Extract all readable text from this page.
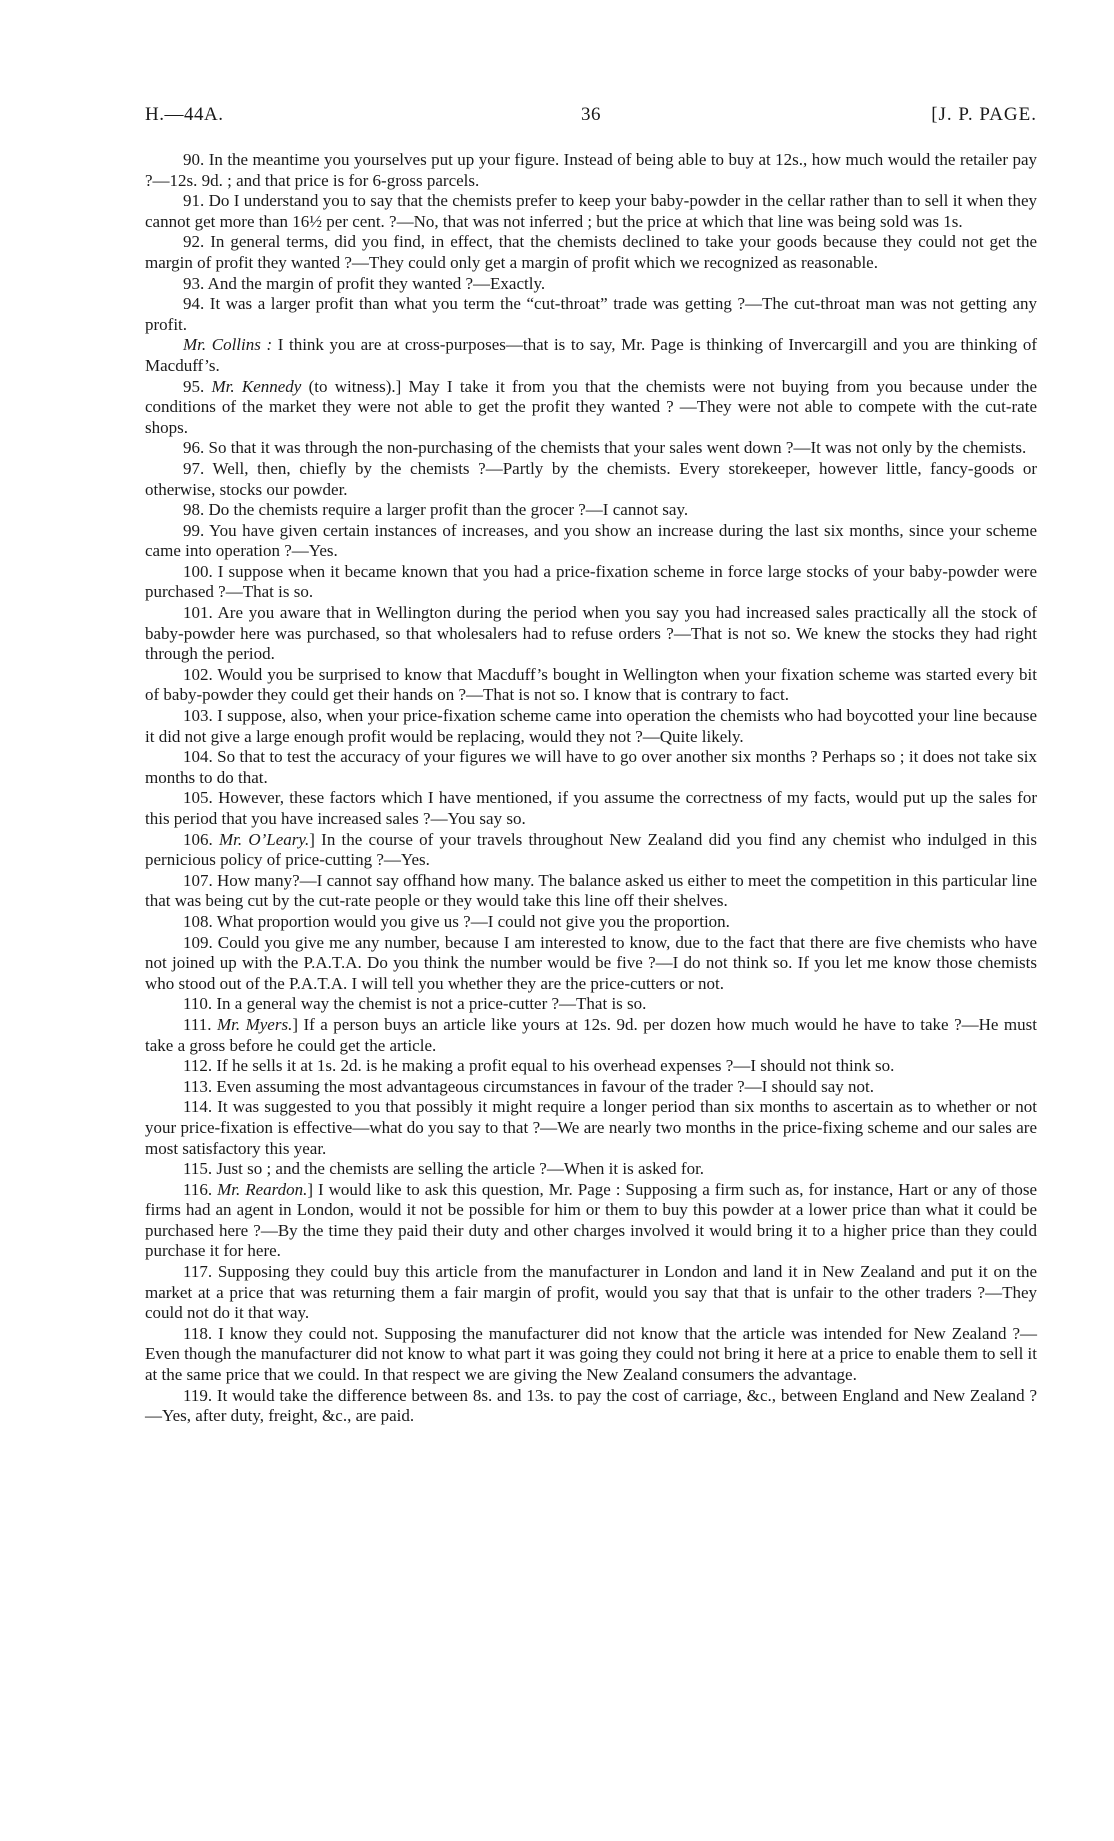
H.—44A.	36	[J. P. PAGE.

90. In the meantime you yourselves put up your figure. Instead of being able to buy at 12s., how much would the retailer pay ?—12s. 9d. ; and that price is for 6-gross parcels.

91. Do I understand you to say that the chemists prefer to keep your baby-powder in the cellar rather than to sell it when they cannot get more than 16½ per cent. ?—No, that was not inferred ; but the price at which that line was being sold was 1s.

92. In general terms, did you find, in effect, that the chemists declined to take your goods because they could not get the margin of profit they wanted ?—They could only get a margin of profit which we recognized as reasonable.

93. And the margin of profit they wanted ?—Exactly.

94. It was a larger profit than what you term the “cut-throat” trade was getting ?—The cut-throat man was not getting any profit.

Mr. Collins : I think you are at cross-purposes—that is to say, Mr. Page is thinking of Invercargill and you are thinking of Macduff’s.

95. Mr. Kennedy (to witness).] May I take it from you that the chemists were not buying from you because under the conditions of the market they were not able to get the profit they wanted ? —They were not able to compete with the cut-rate shops.

96. So that it was through the non-purchasing of the chemists that your sales went down ?—It was not only by the chemists.

97. Well, then, chiefly by the chemists ?—Partly by the chemists. Every storekeeper, however little, fancy-goods or otherwise, stocks our powder.

98. Do the chemists require a larger profit than the grocer ?—I cannot say.

99. You have given certain instances of increases, and you show an increase during the last six months, since your scheme came into operation ?—Yes.

100. I suppose when it became known that you had a price-fixation scheme in force large stocks of your baby-powder were purchased ?—That is so.

101. Are you aware that in Wellington during the period when you say you had increased sales practically all the stock of baby-powder here was purchased, so that wholesalers had to refuse orders ?—That is not so. We knew the stocks they had right through the period.

102. Would you be surprised to know that Macduff’s bought in Wellington when your fixation scheme was started every bit of baby-powder they could get their hands on ?—That is not so. I know that is contrary to fact.

103. I suppose, also, when your price-fixation scheme came into operation the chemists who had boycotted your line because it did not give a large enough profit would be replacing, would they not ?—Quite likely.

104. So that to test the accuracy of your figures we will have to go over another six months ? Perhaps so ; it does not take six months to do that.

105. However, these factors which I have mentioned, if you assume the correctness of my facts, would put up the sales for this period that you have increased sales ?—You say so.

106. Mr. O’Leary.] In the course of your travels throughout New Zealand did you find any chemist who indulged in this pernicious policy of price-cutting ?—Yes.

107. How many?—I cannot say offhand how many. The balance asked us either to meet the competition in this particular line that was being cut by the cut-rate people or they would take this line off their shelves.

108. What proportion would you give us ?—I could not give you the proportion.

109. Could you give me any number, because I am interested to know, due to the fact that there are five chemists who have not joined up with the P.A.T.A. Do you think the number would be five ?—I do not think so. If you let me know those chemists who stood out of the P.A.T.A. I will tell you whether they are the price-cutters or not.

110. In a general way the chemist is not a price-cutter ?—That is so.

111. Mr. Myers.] If a person buys an article like yours at 12s. 9d. per dozen how much would he have to take ?—He must take a gross before he could get the article.

112. If he sells it at 1s. 2d. is he making a profit equal to his overhead expenses ?—I should not think so.

113. Even assuming the most advantageous circumstances in favour of the trader ?—I should say not.

114. It was suggested to you that possibly it might require a longer period than six months to ascertain as to whether or not your price-fixation is effective—what do you say to that ?—We are nearly two months in the price-fixing scheme and our sales are most satisfactory this year.

115. Just so ; and the chemists are selling the article ?—When it is asked for.

116. Mr. Reardon.] I would like to ask this question, Mr. Page : Supposing a firm such as, for instance, Hart or any of those firms had an agent in London, would it not be possible for him or them to buy this powder at a lower price than what it could be purchased here ?—By the time they paid their duty and other charges involved it would bring it to a higher price than they could purchase it for here.

117. Supposing they could buy this article from the manufacturer in London and land it in New Zealand and put it on the market at a price that was returning them a fair margin of profit, would you say that that is unfair to the other traders ?—They could not do it that way.

118. I know they could not. Supposing the manufacturer did not know that the article was intended for New Zealand ?—Even though the manufacturer did not know to what part it was going they could not bring it here at a price to enable them to sell it at the same price that we could. In that respect we are giving the New Zealand consumers the advantage.

119. It would take the difference between 8s. and 13s. to pay the cost of carriage, &c., between England and New Zealand ?—Yes, after duty, freight, &c., are paid.
